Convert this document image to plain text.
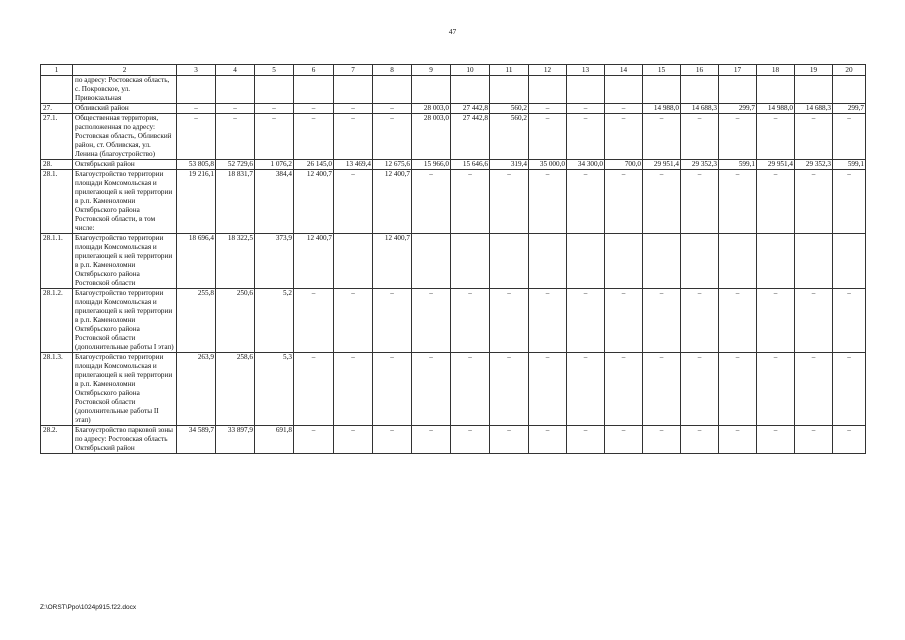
47
1	2	3	4	5	6	7	8	9	10	11	12	13	14	15	16	17	18	19	20
	по адресу: Ростовская область, с. Покровское, ул. Привокзальная																		
27.	Обливский район	–	–	–	–	–	–	28 003,0	27 442,8	560,2	–	–	–	14 988,0	14 688,3	299,7	14 988,0	14 688,3	299,7
27.1.	Общественная территория, расположенная по адресу: Ростовская область, Обливский район, ст. Обливская, ул. Ленина (благоустройство)	–	–	–	–	–	–	28 003,0	27 442,8	560,2	–	–	–	–	–	–	–	–	–
28.	Октябрьский район	53 805,8	52 729,6	1 076,2	26 145,0	13 469,4	12 675,6	15 966,0	15 646,6	319,4	35 000,0	34 300,0	700,0	29 951,4	29 352,3	599,1	29 951,4	29 352,3	599,1
28.1.	Благоустройство территории площади Комсомольская и прилегающей к ней территории в р.п. Каменоломни Октябрьского района Ростовской области, в том числе:	19 216,1	18 831,7	384,4	12 400,7	–	12 400,7	–	–	–	–	–	–	–	–	–	–	–	–
28.1.1.	Благоустройство территории площади Комсомольская и прилегающей к ней территории в р.п. Каменоломни Октябрьского района Ростовской области	18 696,4	18 322,5	373,9	12 400,7		12 400,7												
28.1.2.	Благоустройство территории площади Комсомольская и прилегающей к ней территории в р.п. Каменоломни Октябрьского района Ростовской области (дополнительные работы I этап)	255,8	250,6	5,2	–	–	–	–	–	–	–	–	–	–	–	–	–	–	–
28.1.3.	Благоустройство территории площади Комсомольская и прилегающей к ней территории в р.п. Каменоломни Октябрьского района Ростовской области (дополнительные работы II этап)	263,9	258,6	5,3	–	–	–	–	–	–	–	–	–	–	–	–	–	–	–
28.2.	Благоустройство парковой зоны по адресу: Ростовская область Октябрьский район	34 589,7	33 897,9	691,8	–	–	–	–	–	–	–	–	–	–	–	–	–	–	–
Z:\ORST\Ppo\1024p915.f22.docx
